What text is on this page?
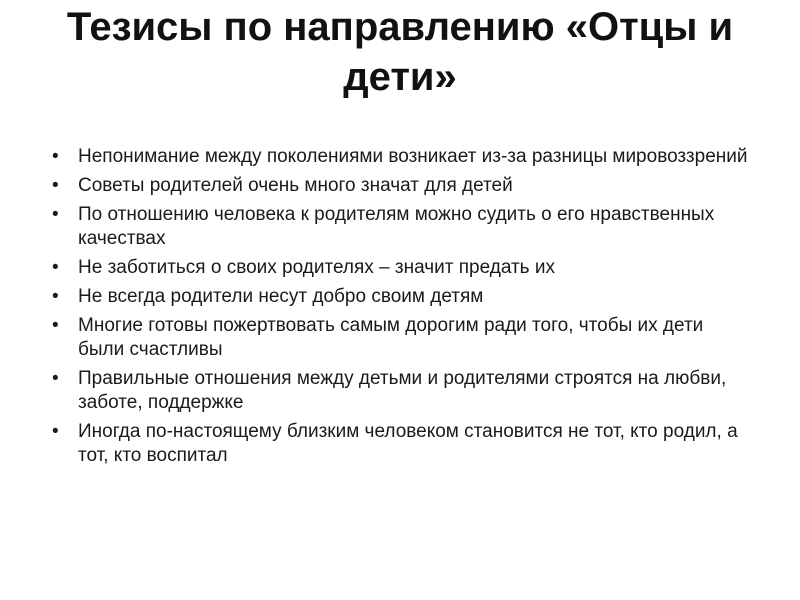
Тезисы по направлению «Отцы и дети»
•	Непонимание между поколениями возникает из-за разницы мировоззрений
•	Советы родителей очень много значат для детей
•	По отношению человека к родителям можно судить о его нравственных качествах
•	Не заботиться о своих родителях – значит предать их
•	Не всегда родители несут добро своим детям
•	Многие готовы пожертвовать самым дорогим ради того, чтобы их дети были счастливы
•	Правильные отношения между детьми и родителями строятся на любви, заботе, поддержке
•	Иногда по-настоящему близким человеком становится не тот, кто родил, а тот, кто воспитал
